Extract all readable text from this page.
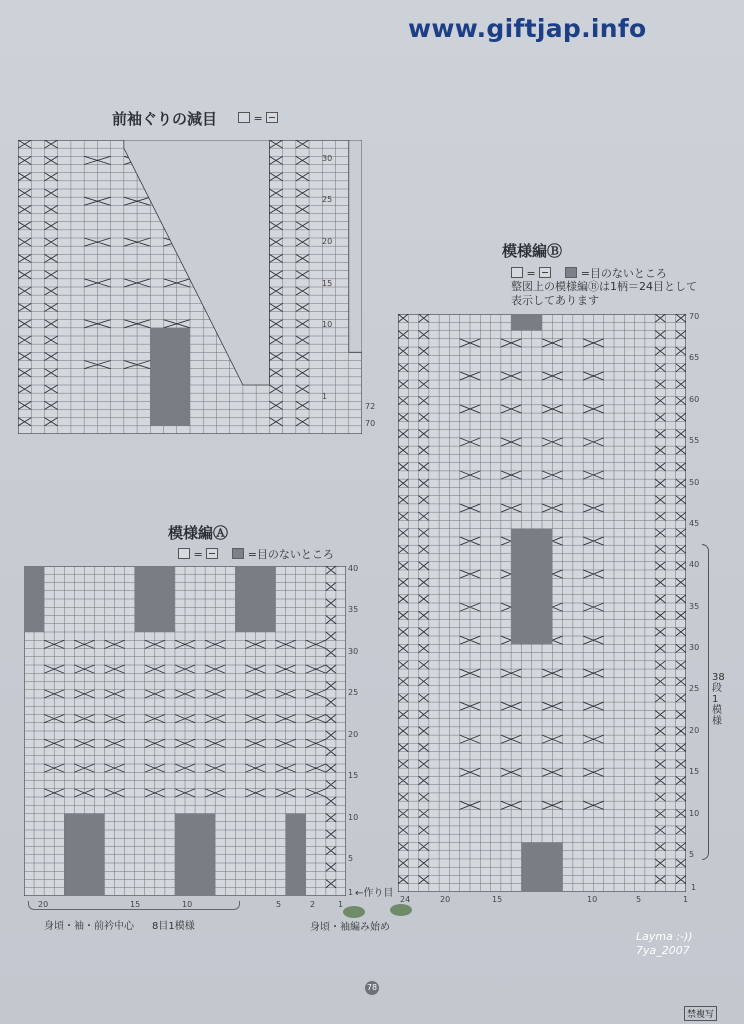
www.giftjap.info
前袖ぐりの減目	=
30
25
20
15
10
1
72
70
模様編Ⓑ
=	=目のないところ
整図上の模様編Ⓑは1柄＝24目として
表示してあります
70
65
60
55
50
45
40
35
30
25
20
15
10
5
1
24	20	15	10	5	1
38段1模様
模様編Ⓐ
=	=目のないところ
40
35
30
25
20
15
10
5
1
20	15	10	5	2	1
←作り目
身頃・袖・前衿中心 8目1模様	身頃・袖編み始め
Layma :-))
7ya_2007
78
禁複写
